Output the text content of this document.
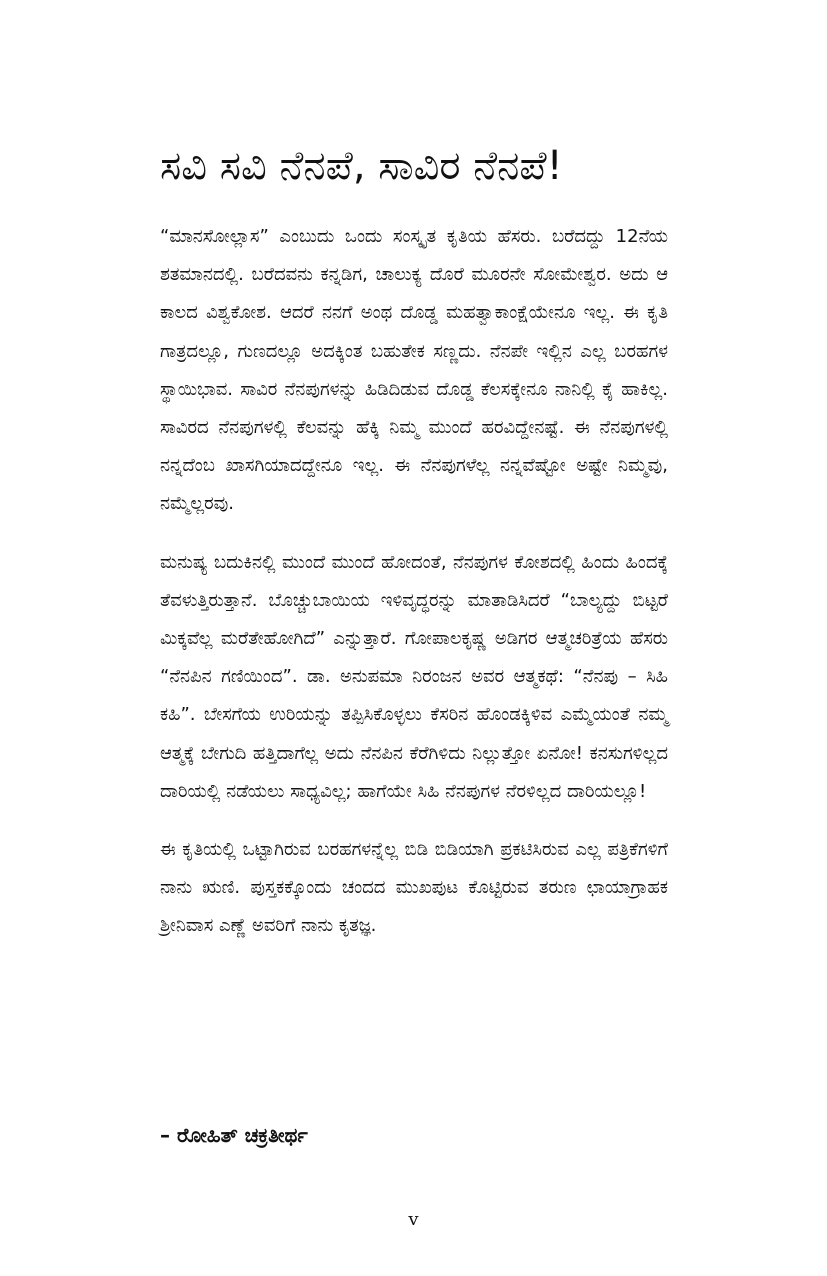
ಸವಿ ಸವಿ ನೆನಪೆ, ಸಾವಿರ ನೆನಪೆ!

“ಮಾನಸೋಲ್ಲಾಸ” ಎಂಬುದು ಒಂದು ಸಂಸ್ಕೃತ ಕೃತಿಯ ಹೆಸರು. ಬರೆದದ್ದು 12ನೆಯ ಶತಮಾನದಲ್ಲಿ. ಬರೆದವನು ಕನ್ನಡಿಗ, ಚಾಲುಕ್ಯ ದೊರೆ ಮೂರನೇ ಸೋಮೇಶ್ವರ. ಅದು ಆ ಕಾಲದ ವಿಶ್ವಕೋಶ. ಆದರೆ ನನಗೆ ಅಂಥ ದೊಡ್ಡ ಮಹತ್ವಾಕಾಂಕ್ಷೆಯೇನೂ ಇಲ್ಲ. ಈ ಕೃತಿ ಗಾತ್ರದಲ್ಲೂ, ಗುಣದಲ್ಲೂ ಅದಕ್ಕಿಂತ ಬಹುತೇಕ ಸಣ್ಣದು. ನೆನಪೇ ಇಲ್ಲಿನ ಎಲ್ಲ ಬರಹಗಳ ಸ್ಥಾಯಿಭಾವ. ಸಾವಿರ ನೆನಪುಗಳನ್ನು ಹಿಡಿದಿಡುವ ದೊಡ್ಡ ಕೆಲಸಕ್ಕೇನೂ ನಾನಿಲ್ಲಿ ಕೈ ಹಾಕಿಲ್ಲ. ಸಾವಿರದ ನೆನಪುಗಳಲ್ಲಿ ಕೆಲವನ್ನು ಹೆಕ್ಕಿ ನಿಮ್ಮ ಮುಂದೆ ಹರವಿದ್ದೇನಷ್ಟೆ. ಈ ನೆನಪುಗಳಲ್ಲಿ ನನ್ನದೆಂಬ ಖಾಸಗಿಯಾದದ್ದೇನೂ ಇಲ್ಲ. ಈ ನೆನಪುಗಳೆಲ್ಲ ನನ್ನವೆಷ್ಟೋ ಅಷ್ಟೇ ನಿಮ್ಮವು, ನಮ್ಮೆಲ್ಲರವು.

ಮನುಷ್ಯ ಬದುಕಿನಲ್ಲಿ ಮುಂದೆ ಮುಂದೆ ಹೋದಂತೆ, ನೆನಪುಗಳ ಕೋಶದಲ್ಲಿ ಹಿಂದು ಹಿಂದಕ್ಕೆ ತೆವಳುತ್ತಿರುತ್ತಾನೆ. ಬೊಚ್ಚುಬಾಯಿಯ ಇಳಿವೃದ್ಧರನ್ನು ಮಾತಾಡಿಸಿದರೆ “ಬಾಲ್ಯದ್ದು ಬಿಟ್ಟರೆ ಮಿಕ್ಕವೆಲ್ಲ ಮರೆತೇಹೋಗಿದೆ” ಎನ್ನುತ್ತಾರೆ. ಗೋಪಾಲಕೃಷ್ಣ ಅಡಿಗರ ಆತ್ಮಚರಿತ್ರೆಯ ಹೆಸರು “ನೆನಪಿನ ಗಣಿಯಿಂದ”. ಡಾ. ಅನುಪಮಾ ನಿರಂಜನ ಅವರ ಆತ್ಮಕಥೆ: “ನೆನಪು – ಸಿಹಿ ಕಹಿ”. ಬೇಸಗೆಯ ಉರಿಯನ್ನು ತಪ್ಪಿಸಿಕೊಳ್ಳಲು ಕೆಸರಿನ ಹೊಂಡಕ್ಕಿಳಿವ ಎಮ್ಮೆಯಂತೆ ನಮ್ಮ ಆತ್ಮಕ್ಕೆ ಬೇಗುದಿ ಹತ್ತಿದಾಗೆಲ್ಲ ಅದು ನೆನಪಿನ ಕೆರೆಗಿಳಿದು ನಿಲ್ಲುತ್ತೋ ಏನೋ! ಕನಸುಗಳಿಲ್ಲದ ದಾರಿಯಲ್ಲಿ ನಡೆಯಲು ಸಾಧ್ಯವಿಲ್ಲ; ಹಾಗೆಯೇ ಸಿಹಿ ನೆನಪುಗಳ ನೆರಳಿಲ್ಲದ ದಾರಿಯಲ್ಲೂ!

ಈ ಕೃತಿಯಲ್ಲಿ ಒಟ್ಟಾಗಿರುವ ಬರಹಗಳನ್ನೆಲ್ಲ ಬಿಡಿ ಬಿಡಿಯಾಗಿ ಪ್ರಕಟಿಸಿರುವ ಎಲ್ಲ ಪತ್ರಿಕೆಗಳಿಗೆ ನಾನು ಋಣಿ. ಪುಸ್ತಕಕ್ಕೊಂದು ಚಂದದ ಮುಖಪುಟ ಕೊಟ್ಟಿರುವ ತರುಣ ಛಾಯಾಗ್ರಾಹಕ ಶ್ರೀನಿವಾಸ ಎಣ್ಣೆ ಅವರಿಗೆ ನಾನು ಕೃತಜ್ಞ.

– ರೋಹಿತ್ ಚಕ್ರತೀರ್ಥ
v
